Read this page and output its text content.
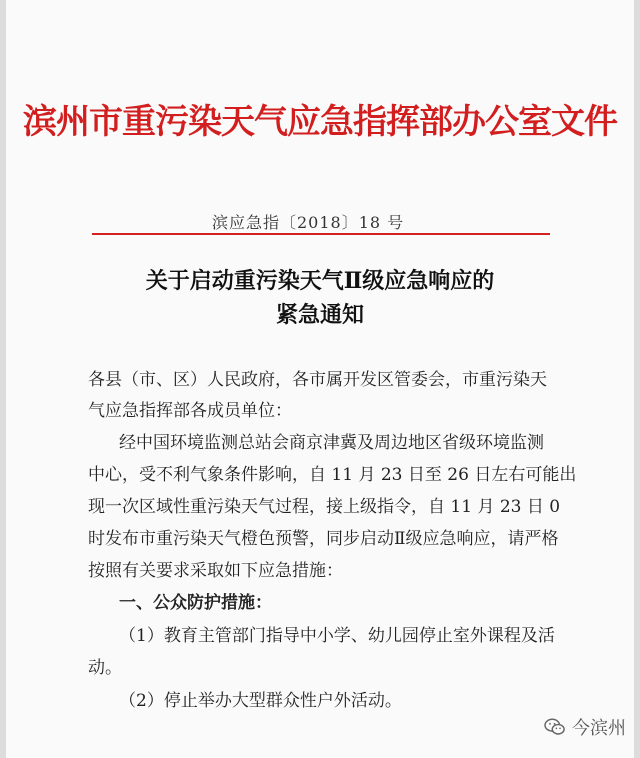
滨州市重污染天气应急指挥部办公室文件
滨应急指〔2018〕18 号
关于启动重污染天气Ⅱ级应急响应的
紧急通知
各县（市、区）人民政府，各市属开发区管委会，市重污染天
气应急指挥部各成员单位：
经中国环境监测总站会商京津冀及周边地区省级环境监测
中心，受不利气象条件影响，自 11 月 23 日至 26 日左右可能出
现一次区域性重污染天气过程，接上级指令，自 11 月 23 日 0
时发布市重污染天气橙色预警，同步启动Ⅱ级应急响应，请严格
按照有关要求采取如下应急措施：
一、公众防护措施：
（1）教育主管部门指导中小学、幼儿园停止室外课程及活
动。
（2）停止举办大型群众性户外活动。
今滨州
